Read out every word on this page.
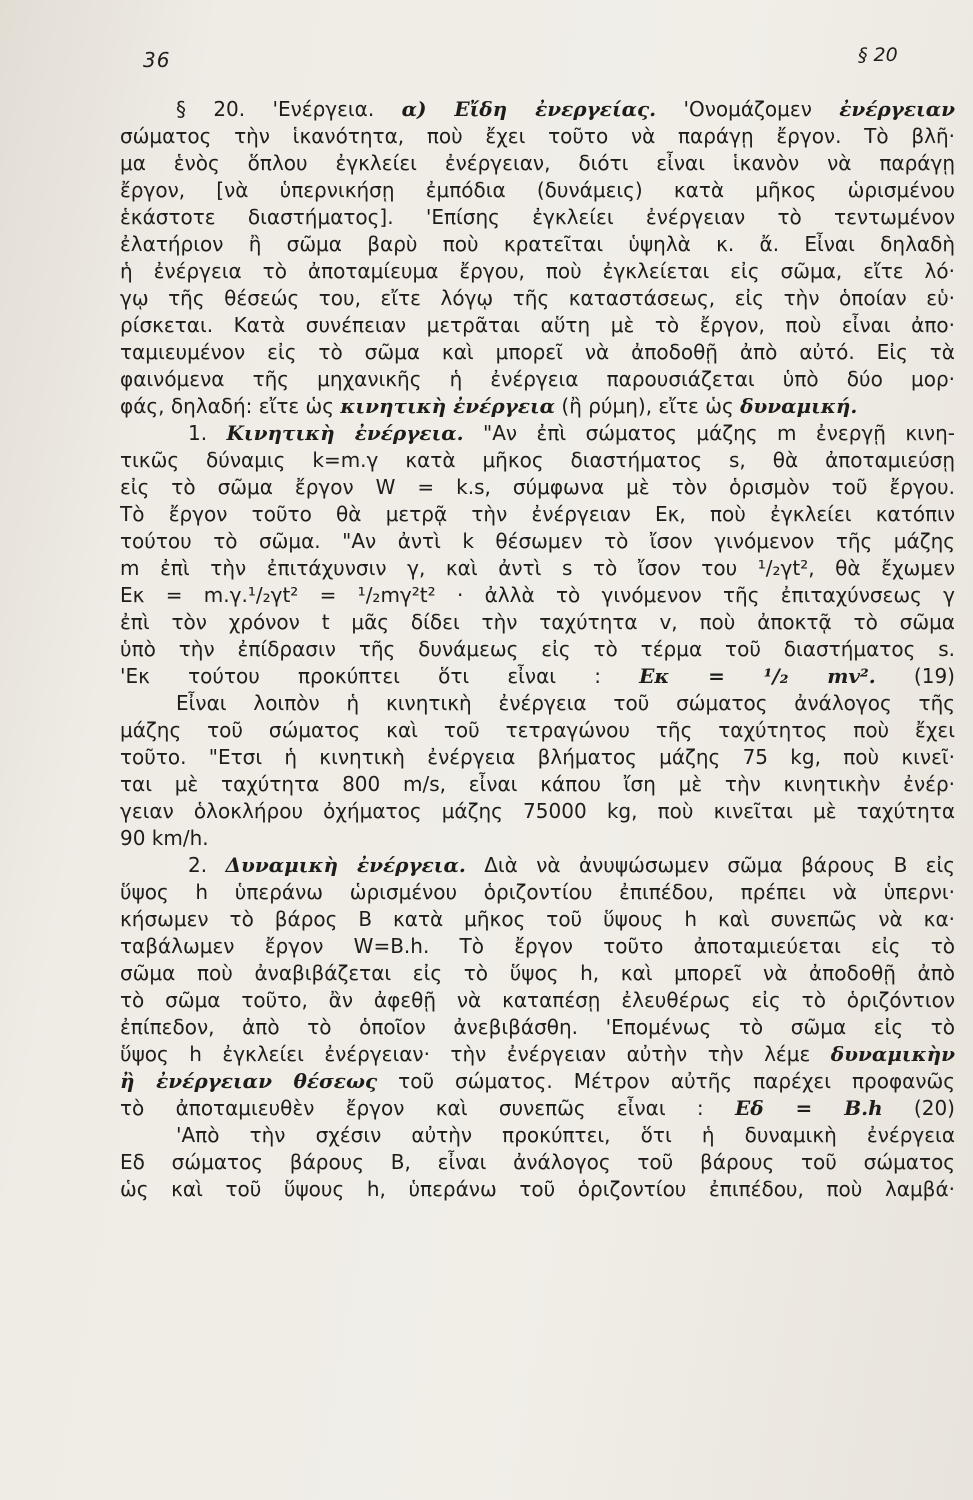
36	§ 20
§ 20. 'Ενέργεια. α) Εἴδη ἐνεργείας. 'Ονομάζομεν ἐνέργειαν
σώματος τὴν ἱκανότητα, ποὺ ἔχει τοῦτο νὰ παράγῃ ἔργον. Τὸ βλῆ·
μα ἑνὸς ὅπλου ἐγκλείει ἐνέργειαν, διότι εἶναι ἱκανὸν νὰ παράγῃ
ἔργον, [νὰ ὑπερνικήσῃ ἐμπόδια (δυνάμεις) κατὰ μῆκος ὡρισμένου
ἑκάστοτε διαστήματος]. 'Επίσης ἐγκλείει ἐνέργειαν τὸ τεντωμένον
ἐλατήριον ἢ σῶμα βαρὺ ποὺ κρατεῖται ὑψηλὰ κ. ἄ. Εἶναι δηλαδὴ
ἡ ἐνέργεια τὸ ἀποταμίευμα ἔργου, ποὺ ἐγκλείεται εἰς σῶμα, εἴτε λό·
γῳ τῆς θέσεώς του, εἴτε λόγῳ τῆς καταστάσεως, εἰς τὴν ὁποίαν εὑ·
ρίσκεται. Κατὰ συνέπειαν μετρᾶται αὕτη μὲ τὸ ἔργον, ποὺ εἶναι ἀπο·
ταμιευμένον εἰς τὸ σῶμα καὶ μπορεῖ νὰ ἀποδοθῇ ἀπὸ αὐτό. Εἰς τὰ
φαινόμενα τῆς μηχανικῆς ἡ ἐνέργεια παρουσιάζεται ὑπὸ δύο μορ·
φάς, δηλαδή: εἴτε ὡς κινητικὴ ἐνέργεια (ἢ ρύμη), εἴτε ὡς δυναμική.
1. Κινητικὴ ἐνέργεια. "Αν ἐπὶ σώματος μάζης m ἐνεργῇ κινη-
τικῶς δύναμις k=m.γ κατὰ μῆκος διαστήματος s, θὰ ἀποταμιεύσῃ
εἰς τὸ σῶμα ἔργον W = k.s, σύμφωνα μὲ τὸν ὁρισμὸν τοῦ ἔργου.
Τὸ ἔργον τοῦτο θὰ μετρᾷ τὴν ἐνέργειαν Eκ, ποὺ ἐγκλείει κατόπιν
τούτου τὸ σῶμα. "Αν ἀντὶ k θέσωμεν τὸ ἴσον γινόμενον τῆς μάζης
m ἐπὶ τὴν ἐπιτάχυνσιν γ, καὶ ἀντὶ s τὸ ἴσον του ¹/₂γt², θὰ ἔχωμεν
Eκ = m.γ.¹/₂γt² = ¹/₂mγ²t² · ἀλλὰ τὸ γινόμενον τῆς ἐπιταχύνσεως γ
ἐπὶ τὸν χρόνον t μᾶς δίδει τὴν ταχύτητα v, ποὺ ἀποκτᾷ τὸ σῶμα
ὑπὸ τὴν ἐπίδρασιν τῆς δυνάμεως εἰς τὸ τέρμα τοῦ διαστήματος s.
'Εκ τούτου προκύπτει ὅτι εἶναι : Eκ = ¹/₂ mv². (19)
Εἶναι λοιπὸν ἡ κινητικὴ ἐνέργεια τοῦ σώματος ἀνάλογος τῆς
μάζης τοῦ σώματος καὶ τοῦ τετραγώνου τῆς ταχύτητος ποὺ ἔχει
τοῦτο. "Ετσι ἡ κινητικὴ ἐνέργεια βλήματος μάζης 75 kg, ποὺ κινεῖ·
ται μὲ ταχύτητα 800 m/s, εἶναι κάπου ἴση μὲ τὴν κινητικὴν ἐνέρ·
γειαν ὁλοκλήρου ὀχήματος μάζης 75000 kg, ποὺ κινεῖται μὲ ταχύτητα
90 km/h.
2. Δυναμικὴ ἐνέργεια. Διὰ νὰ ἀνυψώσωμεν σῶμα βάρους B εἰς
ὕψος h ὑπεράνω ὡρισμένου ὁριζοντίου ἐπιπέδου, πρέπει νὰ ὑπερνι·
κήσωμεν τὸ βάρος B κατὰ μῆκος τοῦ ὕψους h καὶ συνεπῶς νὰ κα·
ταβάλωμεν ἔργον W=B.h. Τὸ ἔργον τοῦτο ἀποταμιεύεται εἰς τὸ
σῶμα ποὺ ἀναβιβάζεται εἰς τὸ ὕψος h, καὶ μπορεῖ νὰ ἀποδοθῇ ἀπὸ
τὸ σῶμα τοῦτο, ἂν ἀφεθῇ νὰ καταπέσῃ ἐλευθέρως εἰς τὸ ὁριζόντιον
ἐπίπεδον, ἀπὸ τὸ ὁποῖον ἀνεβιβάσθη. 'Επομένως τὸ σῶμα εἰς τὸ
ὕψος h ἐγκλείει ἐνέργειαν· τὴν ἐνέργειαν αὐτὴν τὴν λέμε δυναμικὴν
ἢ ἐνέργειαν θέσεως τοῦ σώματος. Μέτρον αὐτῆς παρέχει προφανῶς
τὸ ἀποταμιευθὲν ἔργον καὶ συνεπῶς εἶναι : Eδ = B.h (20)
'Απὸ τὴν σχέσιν αὐτὴν προκύπτει, ὅτι ἡ δυναμικὴ ἐνέργεια
Eδ σώματος βάρους B, εἶναι ἀνάλογος τοῦ βάρους τοῦ σώματος
ὡς καὶ τοῦ ὕψους h, ὑπεράνω τοῦ ὁριζοντίου ἐπιπέδου, ποὺ λαμβά·
